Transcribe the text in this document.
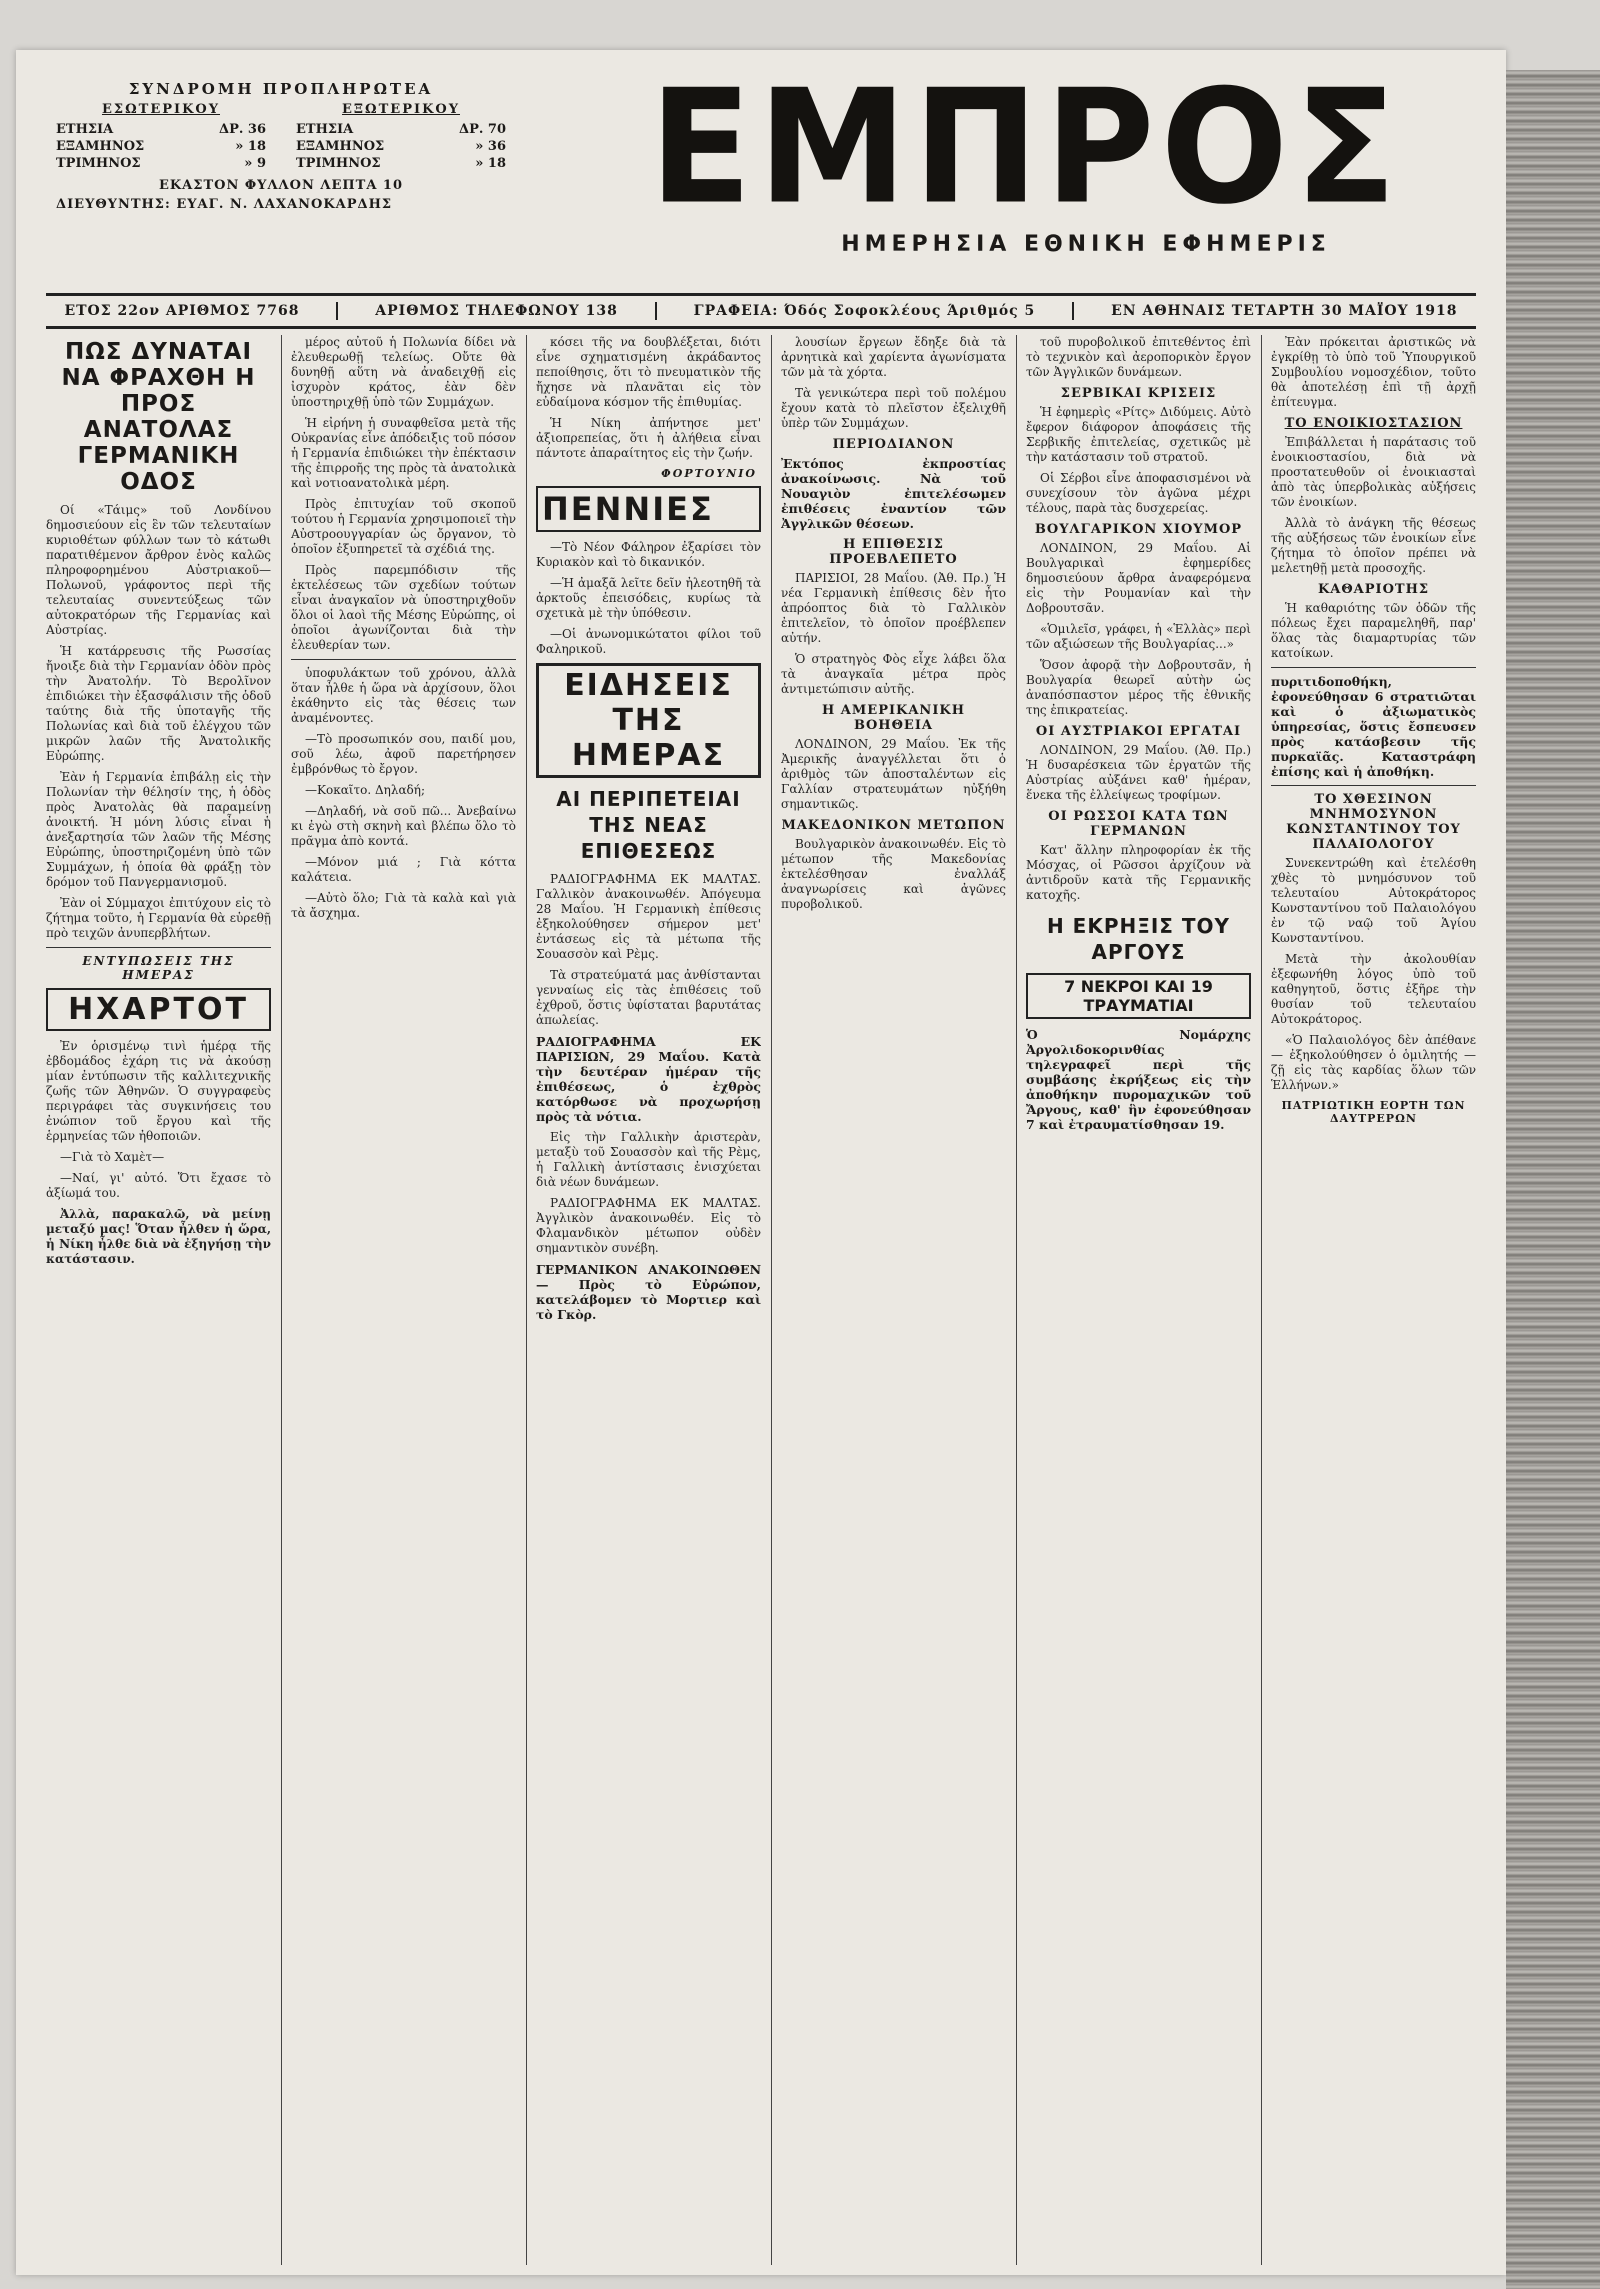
ΣΥΝΔΡΟΜΗ ΠΡΟΠΛΗΡΩΤΕΑ
ΕΣΩΤΕΡΙΚΟΥ
ΕΤΗΣΙΑ	ΔΡ. 36
ΕΞΑΜΗΝΟΣ	» 18
ΤΡΙΜΗΝΟΣ	» 9
ΕΞΩΤΕΡΙΚΟΥ
ΕΤΗΣΙΑ	ΔΡ. 70
ΕΞΑΜΗΝΟΣ	» 36
ΤΡΙΜΗΝΟΣ	» 18
ΕΚΑΣΤΟΝ ΦΥΛΛΟΝ ΛΕΠΤΑ 10
ΔΙΕΥΘΥΝΤΗΣ: ΕΥΑΓ. Ν. ΛΑΧΑΝΟΚΑΡΔΗΣ	ΕΜΠΡΟΣ
ΗΜΕΡΗΣΙΑ ΕΘΝΙΚΗ ΕΦΗΜΕΡΙΣ
ΕΤΟΣ 22ον ΑΡΙΘΜΟΣ 7768	ΑΡΙΘΜΟΣ ΤΗΛΕΦΩΝΟΥ 138	ΓΡΑΦΕΙΑ: Όδός Σοφοκλέους Άριθμός 5	ΕΝ ΑΘΗΝΑΙΣ ΤΕΤΑΡΤΗ 30 ΜΑΪΟΥ 1918
ΠΩΣ ΔΥΝΑΤΑΙ ΝΑ ΦΡΑΧΘΗ Η ΠΡΟΣ ΑΝΑΤΟΛΑΣ ΓΕΡΜΑΝΙΚΗ ΟΔΟΣ

Οί «Τάιμς» τοῦ Λονδίνου δημοσιεύουν εἰς ἓν τῶν τελευταίων κυριοθέτων φύλλων των τὸ κάτωθι παρατιθέμενον ἄρθρον ἑνὸς καλῶς πληροφορημένου Αὐστριακοῦ—Πολωνοῦ, γράφοντος περὶ τῆς τελευταίας συνεντεύξεως τῶν αὐτοκρατόρων τῆς Γερμανίας καὶ Αὐστρίας.

Ἡ κατάρρευσις τῆς Ρωσσίας ἤνοιξε διὰ τὴν Γερμανίαν ὁδὸν πρὸς τὴν Ἀνατολήν. Τὸ Βερολῖνον ἐπιδιώκει τὴν ἐξασφάλισιν τῆς ὁδοῦ ταύτης διὰ τῆς ὑποταγῆς τῆς Πολωνίας καὶ διὰ τοῦ ἐλέγχου τῶν μικρῶν λαῶν τῆς Ἀνατολικῆς Εὐρώπης.

Ἐὰν ἡ Γερμανία ἐπιβάλῃ εἰς τὴν Πολωνίαν τὴν θέλησίν της, ἡ ὁδὸς πρὸς Ἀνατολὰς θὰ παραμείνῃ ἀνοικτή. Ἡ μόνη λύσις εἶναι ἡ ἀνεξαρτησία τῶν λαῶν τῆς Μέσης Εὐρώπης, ὑποστηριζομένη ὑπὸ τῶν Συμμάχων, ἡ ὁποία θὰ φράξῃ τὸν δρόμον τοῦ Πανγερμανισμοῦ.

Ἐὰν οἱ Σύμμαχοι ἐπιτύχουν εἰς τὸ ζήτημα τοῦτο, ἡ Γερμανία θὰ εὑρεθῇ πρὸ τειχῶν ἀνυπερβλήτων.

ΕΝΤΥΠΩΣΕΙΣ ΤΗΣ ΗΜΕΡΑΣ
ΗΧΑΡΤΟΤ

Ἐν ὁρισμένῳ τινὶ ἡμέρᾳ τῆς ἐβδομάδος ἐχάρη τις νὰ ἀκούσῃ μίαν ἐντύπωσιν τῆς καλλιτεχνικῆς ζωῆς τῶν Ἀθηνῶν. Ὁ συγγραφεὺς περιγράφει τὰς συγκινήσεις του ἐνώπιον τοῦ ἔργου καὶ τῆς ἑρμηνείας τῶν ἠθοποιῶν.

—Γιὰ τὸ Χαμὲτ—

—Ναί, γι' αὐτό. Ὅτι ἔχασε τὸ ἀξίωμά του.

Ἀλλὰ, παρακαλῶ, νὰ μείνῃ μεταξύ μας! Ὅταν ἦλθεν ἡ ὥρα, ἡ Νίκη ἦλθε διὰ νὰ ἐξηγήσῃ τὴν κατάστασιν.

μέρος αὐτοῦ ἡ Πολωνία δίδει νὰ ἐλευθερωθῇ τελείως. Οὔτε θὰ δυνηθῇ αὕτη νὰ ἀναδειχθῇ εἰς ἰσχυρὸν κράτος, ἐὰν δὲν ὑποστηριχθῇ ὑπὸ τῶν Συμμάχων.

Ἡ εἰρήνη ἡ συναφθεῖσα μετὰ τῆς Οὐκρανίας εἶνε ἀπόδειξις τοῦ πόσον ἡ Γερμανία ἐπιδιώκει τὴν ἐπέκτασιν τῆς ἐπιρροῆς της πρὸς τὰ ἀνατολικὰ καὶ νοτιοανατολικὰ μέρη.

Πρὸς ἐπιτυχίαν τοῦ σκοποῦ τούτου ἡ Γερμανία χρησιμοποιεῖ τὴν Αὐστροουγγαρίαν ὡς ὄργανον, τὸ ὁποῖον ἐξυπηρετεῖ τὰ σχέδιά της.

Πρὸς παρεμπόδισιν τῆς ἐκτελέσεως τῶν σχεδίων τούτων εἶναι ἀναγκαῖον νὰ ὑποστηριχθοῦν ὅλοι οἱ λαοὶ τῆς Μέσης Εὐρώπης, οἱ ὁποῖοι ἀγωνίζονται διὰ τὴν ἐλευθερίαν των.

ὑποφυλάκτων τοῦ χρόνου, ἀλλὰ ὅταν ἦλθε ἡ ὥρα νὰ ἀρχίσουν, ὅλοι ἐκάθηντο εἰς τὰς θέσεις των ἀναμένοντες.

—Τὸ προσωπικόν σου, παιδί μου, σοῦ λέω, ἀφοῦ παρετήρησεν ἐμβρόνθως τὸ ἔργον.

—Κοκαῖτο. Δηλαδή;

—Δηλαδή, νὰ σοῦ πῶ... Ἀνεβαίνω κι ἐγὼ στὴ σκηνὴ καὶ βλέπω ὅλο τὸ πρᾶγμα ἀπὸ κοντά.

—Μόνον μιά ; Γιὰ κόττα καλάτεια.

—Αὐτὸ ὅλο; Γιὰ τὰ καλὰ καὶ γιὰ τὰ ἄσχημα.

κόσει τῆς να δουβλέξεται, διότι εἶνε σχηματισμένη ἀκράδαντος πεποίθησις, ὅτι τὸ πνευματικὸν τῆς ἤχησε νὰ πλανᾶται εἰς τὸν εὐδαίμονα κόσμον τῆς ἐπιθυμίας.

Ἡ Νίκη ἀπήντησε μετ' ἀξιοπρεπείας, ὅτι ἡ ἀλήθεια εἶναι πάντοτε ἀπαραίτητος εἰς τὴν ζωήν.

ΦΟΡΤΟΥΝΙΟ
ΠΕΝΝΙΕΣ

—Τὸ Νέον Φάληρον ἐξαρίσει τὸν Κυριακὸν καὶ τὸ δικανικόν.

—Ἡ ἀμαξᾶ λεῖτε δεῖν ἠλεοτηθῆ τὰ ἀρκτοῦς ἐπεισόδεις, κυρίως τὰ σχετικὰ μὲ τὴν ὑπόθεσιν.

—Οἱ ἀνωνομικώτατοι φίλοι τοῦ Φαληρικοῦ.

ΕΙΔΗΣΕΙΣ ΤΗΣ ΗΜΕΡΑΣ
ΑΙ ΠΕΡΙΠΕΤΕΙΑΙ ΤΗΣ ΝΕΑΣ ΕΠΙΘΕΣΕΩΣ

ΡΑΔΙΟΓΡΑΦΗΜΑ ΕΚ ΜΑΛΤΑΣ. Γαλλικὸν ἀνακοινωθέν. Ἀπόγευμα 28 Μαΐου. Ἡ Γερμανικὴ ἐπίθεσις ἐξηκολούθησεν σήμερον μετ' ἐντάσεως εἰς τὰ μέτωπα τῆς Σουασσὸν καὶ Ρὲμς.

Τὰ στρατεύματά μας ἀνθίστανται γενναίως εἰς τὰς ἐπιθέσεις τοῦ ἐχθροῦ, ὅστις ὑφίσταται βαρυτάτας ἀπωλείας.

ΡΑΔΙΟΓΡΑΦΗΜΑ ΕΚ ΠΑΡΙΣΙΩΝ, 29 Μαΐου. Κατὰ τὴν δευτέραν ἡμέραν τῆς ἐπιθέσεως, ὁ ἐχθρὸς κατόρθωσε νὰ προχωρήσῃ πρὸς τὰ νότια.

Εἰς τὴν Γαλλικὴν ἀριστερὰν, μεταξὺ τοῦ Σουασσὸν καὶ τῆς Ρὲμς, ἡ Γαλλικὴ ἀντίστασις ἐνισχύεται διὰ νέων δυνάμεων.

ΡΑΔΙΟΓΡΑΦΗΜΑ ΕΚ ΜΑΛΤΑΣ. Ἀγγλικὸν ἀνακοινωθέν. Εἰς τὸ Φλαμανδικὸν μέτωπον οὐδὲν σημαντικὸν συνέβη.

ΓΕΡΜΑΝΙΚΟΝ ΑΝΑΚΟΙΝΩΘΕΝ — Πρὸς τὸ Εὐρώπον, κατελάβομεν τὸ Μορτιερ καὶ τὸ Γκὸρ.

λουσίων ἔργεων ἔδηξε διὰ τὰ ἀρνητικὰ καὶ χαρίεντα ἀγωνίσματα τῶν μὰ τὰ χόρτα.

Τὰ γενικώτερα περὶ τοῦ πολέμου ἔχουν κατὰ τὸ πλεῖστον ἐξελιχθῆ ὑπὲρ τῶν Συμμάχων.

ΠΕΡΙΟΔΙΑΝΟΝ

Ἐκτόπος ἐκπροστίας ἀνακοίνωσις. Νὰ τοῦ Νουαγιὸν ἐπιτελέσωμεν ἐπιθέσεις ἐναντίον τῶν Ἀγγλικῶν θέσεων.

Η ΕΠΙΘΕΣΙΣ ΠΡΟΕΒΛΕΠΕΤΟ

ΠΑΡΙΣΙΟΙ, 28 Μαΐου. (Ἀθ. Πρ.) Ἡ νέα Γερμανικὴ ἐπίθεσις δὲν ἦτο ἀπρόοπτος διὰ τὸ Γαλλικὸν ἐπιτελεῖον, τὸ ὁποῖον προέβλεπεν αὐτήν.

Ὁ στρατηγὸς Φὸς εἶχε λάβει ὅλα τὰ ἀναγκαῖα μέτρα πρὸς ἀντιμετώπισιν αὐτῆς.

Η ΑΜΕΡΙΚΑΝΙΚΗ ΒΟΗΘΕΙΑ

ΛΟΝΔΙΝΟΝ, 29 Μαΐου. Ἐκ τῆς Ἀμερικῆς ἀναγγέλλεται ὅτι ὁ ἀριθμὸς τῶν ἀποσταλέντων εἰς Γαλλίαν στρατευμάτων ηὐξήθη σημαντικῶς.

ΜΑΚΕΔΟΝΙΚΟΝ ΜΕΤΩΠΟΝ

Βουλγαρικὸν ἀνακοινωθέν. Εἰς τὸ μέτωπον τῆς Μακεδονίας ἐκτελέσθησαν ἐναλλάξ ἀναγνωρίσεις καὶ ἀγῶνες πυροβολικοῦ.

τοῦ πυροβολικοῦ ἐπιτεθέντος ἐπὶ τὸ τεχνικὸν καὶ ἀεροπορικὸν ἔργον τῶν Ἀγγλικῶν δυνάμεων.

ΣΕΡΒΙΚΑΙ ΚΡΙΣΕΙΣ

Ἡ ἐφημερὶς «Ρίτς» Διδύμεις. Αὐτὸ ἔφερον διάφορον ἀποφάσεις τῆς Σερβικῆς ἐπιτελείας, σχετικῶς μὲ τὴν κατάστασιν τοῦ στρατοῦ.

Οἱ Σέρβοι εἶνε ἀποφασισμένοι νὰ συνεχίσουν τὸν ἀγῶνα μέχρι τέλους, παρὰ τὰς δυσχερείας.

ΒΟΥΛΓΑΡΙΚΟΝ ΧΙΟΥΜΟΡ

ΛΟΝΔΙΝΟΝ, 29 Μαΐου. Αἱ Βουλγαρικαὶ ἐφημερίδες δημοσιεύουν ἄρθρα ἀναφερόμενα εἰς τὴν Ρουμανίαν καὶ τὴν Δοβρουτσᾶν.

«Ὁμιλεῖσ, γράφει, ἡ «Ἑλλὰς» περὶ τῶν αξιώσεων τῆς Βουλγαρίας...»

Ὅσον ἀφορᾷ τὴν Δοβρουτσᾶν, ἡ Βουλγαρία θεωρεῖ αὐτὴν ὡς ἀναπόσπαστον μέρος τῆς ἐθνικῆς της ἐπικρατείας.

ΟΙ ΑΥΣΤΡΙΑΚΟΙ ΕΡΓΑΤΑΙ

ΛΟΝΔΙΝΟΝ, 29 Μαΐου. (Ἀθ. Πρ.) Ἡ δυσαρέσκεια τῶν ἐργατῶν τῆς Αὐστρίας αὐξάνει καθ' ἡμέραν, ἕνεκα τῆς ἐλλείψεως τροφίμων.

ΟΙ ΡΩΣΣΟΙ ΚΑΤΑ ΤΩΝ ΓΕΡΜΑΝΩΝ

Κατ' ἄλλην πληροφορίαν ἐκ τῆς Μόσχας, οἱ Ρῶσσοι ἀρχίζουν νὰ ἀντιδροῦν κατὰ τῆς Γερμανικῆς κατοχῆς.

Η ΕΚΡΗΞΙΣ ΤΟΥ ΑΡΓΟΥΣ
7 ΝΕΚΡΟΙ ΚΑΙ 19 ΤΡΑΥΜΑΤΙΑΙ

Ὁ Νομάρχης Ἀργολιδοκορινθίας τηλεγραφεῖ περὶ τῆς συμβάσης ἐκρήξεως εἰς τὴν ἀποθήκην πυρομαχικῶν τοῦ Ἄργους, καθ' ἣν ἐφονεύθησαν 7 καὶ ἐτραυματίσθησαν 19.

Ἐὰν πρόκειται ἀριστικῶς νὰ ἐγκρίθῃ τὸ ὑπὸ τοῦ Ὑπουργικοῦ Συμβουλίου νομοσχέδιον, τοῦτο θὰ ἀποτελέσῃ ἐπὶ τῇ ἀρχῇ ἐπίτευγμα.

ΤΟ ΕΝΟΙΚΙΟΣΤΑΣΙΟΝ

Ἐπιβάλλεται ἡ παράτασις τοῦ ἐνοικιοστασίου, διὰ νὰ προστατευθοῦν οἱ ἐνοικιασταὶ ἀπὸ τὰς ὑπερβολικὰς αὐξήσεις τῶν ἐνοικίων.

Ἀλλὰ τὸ ἀνάγκη τῆς θέσεως τῆς αὐξήσεως τῶν ἐνοικίων εἶνε ζήτημα τὸ ὁποῖον πρέπει νὰ μελετηθῇ μετὰ προσοχῆς.

ΚΑΘΑΡΙΟΤΗΣ

Ἡ καθαριότης τῶν ὁδῶν τῆς πόλεως ἔχει παραμεληθῆ, παρ' ὅλας τὰς διαμαρτυρίας τῶν κατοίκων.

πυριτιδοποθήκη, ἐφονεύθησαν 6 στρατιῶται καὶ ὁ ἀξιωματικὸς ὑπηρεσίας, ὅστις ἔσπευσεν πρὸς κατάσβεσιν τῆς πυρκαϊᾶς. Καταστράφη ἐπίσης καὶ ἡ ἀποθήκη.

ΤΟ ΧΘΕΣΙΝΟΝ ΜΝΗΜΟΣΥΝΟΝ ΚΩΝΣΤΑΝΤΙΝΟΥ ΤΟΥ ΠΑΛΑΙΟΛΟΓΟΥ

Συνεκεντρώθη καὶ ἐτελέσθη χθὲς τὸ μνημόσυνον τοῦ τελευταίου Αὐτοκράτορος Κωνσταντίνου τοῦ Παλαιολόγου ἐν τῷ ναῷ τοῦ Ἁγίου Κωνσταντίνου.

Μετὰ τὴν ἀκολουθίαν ἐξεφωνήθη λόγος ὑπὸ τοῦ καθηγητοῦ, ὅστις ἐξῆρε τὴν θυσίαν τοῦ τελευταίου Αὐτοκράτορος.

«Ὁ Παλαιολόγος δὲν ἀπέθανε — ἐξηκολούθησεν ὁ ὁμιλητής — ζῇ εἰς τὰς καρδίας ὅλων τῶν Ἑλλήνων.»

ΠΑΤΡΙΩΤΙΚΗ ΕΟΡΤΗ ΤΩΝ ΔΑΥΤΡΕΡΩΝ
